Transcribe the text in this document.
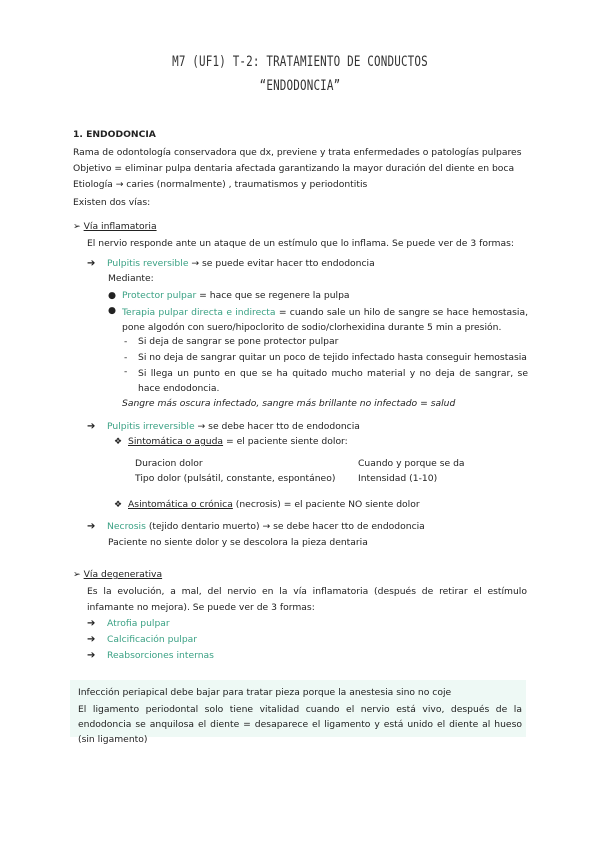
M7 (UF1) T-2: TRATAMIENTO DE CONDUCTOS
“ENDODONCIA”
1. ENDODONCIA
Rama de odontología conservadora que dx, previene y trata enfermedades o patologías pulpares
Objetivo = eliminar pulpa dentaria afectada garantizando la mayor duración del diente en boca
Etiología → caries (normalmente) , traumatismos y periodontitis
Existen dos vías:
➢ Vía inflamatoria
El nervio responde ante un ataque de un estímulo que lo inflama. Se puede ver de 3 formas:
➔ Pulpitis reversible → se puede evitar hacer tto endodoncia
Mediante:
● Protector pulpar = hace que se regenere la pulpa
● Terapia pulpar directa e indirecta = cuando sale un hilo de sangre se hace hemostasia, pone algodón con suero/hipoclorito de sodio/clorhexidina durante 5 min a presión.
- Si deja de sangrar se pone protector pulpar
- Si no deja de sangrar quitar un poco de tejido infectado hasta conseguir hemostasia
-	Si llega un punto en que se ha quitado mucho material y no deja de sangrar, se hace endodoncia.
Sangre más oscura infectado, sangre más brillante no infectado = salud
➔ Pulpitis irreversible → se debe hacer tto de endodoncia
❖ Sintomática o aguda = el paciente siente dolor:
Duracion dolor
Tipo dolor (pulsátil, constante, espontáneo)
Cuando y porque se da
Intensidad (1-10)
❖ Asintomática o crónica (necrosis) = el paciente NO siente dolor
➔ Necrosis (tejido dentario muerto) → se debe hacer tto de endodoncia
Paciente no siente dolor y se descolora la pieza dentaria
➢ Vía degenerativa
Es la evolución, a mal, del nervio en la vía inflamatoria (después de retirar el estímulo infamante no mejora). Se puede ver de 3 formas:
➔ Atrofia pulpar
➔ Calcificación pulpar
➔ Reabsorciones internas
Infección periapical debe bajar para tratar pieza porque la anestesia sino no coje
El ligamento periodontal solo tiene vitalidad cuando el nervio está vivo, después de la endodoncia se anquilosa el diente = desaparece el ligamento y está unido el diente al hueso (sin ligamento)
